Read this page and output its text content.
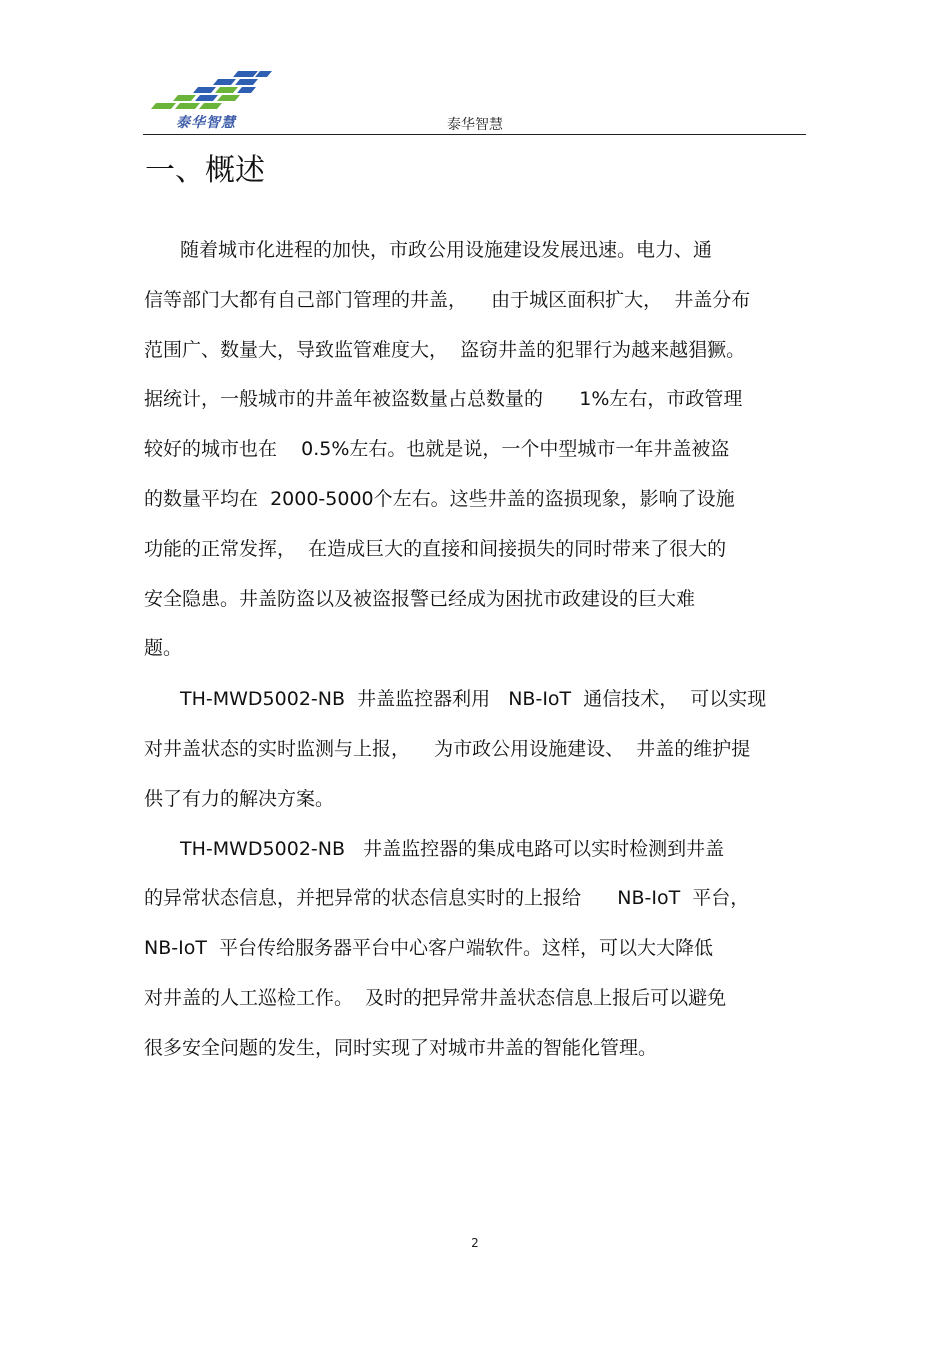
泰华智慧	泰华智慧
一、概述
随着城市化进程的加快，市政公用设施建设发展迅速。电力、通
信等部门大都有自己部门管理的井盖，    由于城区面积扩大，  井盖分布
范围广、数量大，导致监管难度大，  盗窃井盖的犯罪行为越来越猖獗。
据统计，一般城市的井盖年被盗数量占总数量的      1%左右，市政管理
较好的城市也在    0.5%左右。也就是说，一个中型城市一年井盖被盗
的数量平均在  2000-5000个左右。这些井盖的盗损现象，影响了设施
功能的正常发挥，  在造成巨大的直接和间接损失的同时带来了很大的
安全隐患。井盖防盗以及被盗报警已经成为困扰市政建设的巨大难
题。
TH-MWD5002-NB  井盖监控器利用   NB-IoT  通信技术，  可以实现
对井盖状态的实时监测与上报，    为市政公用设施建设、  井盖的维护提
供了有力的解决方案。
TH-MWD5002-NB   井盖监控器的集成电路可以实时检测到井盖
的异常状态信息，并把异常的状态信息实时的上报给      NB-IoT  平台，
NB-IoT  平台传给服务器平台中心客户端软件。这样，可以大大降低
对井盖的人工巡检工作。  及时的把异常井盖状态信息上报后可以避免
很多安全问题的发生，同时实现了对城市井盖的智能化管理。
2
